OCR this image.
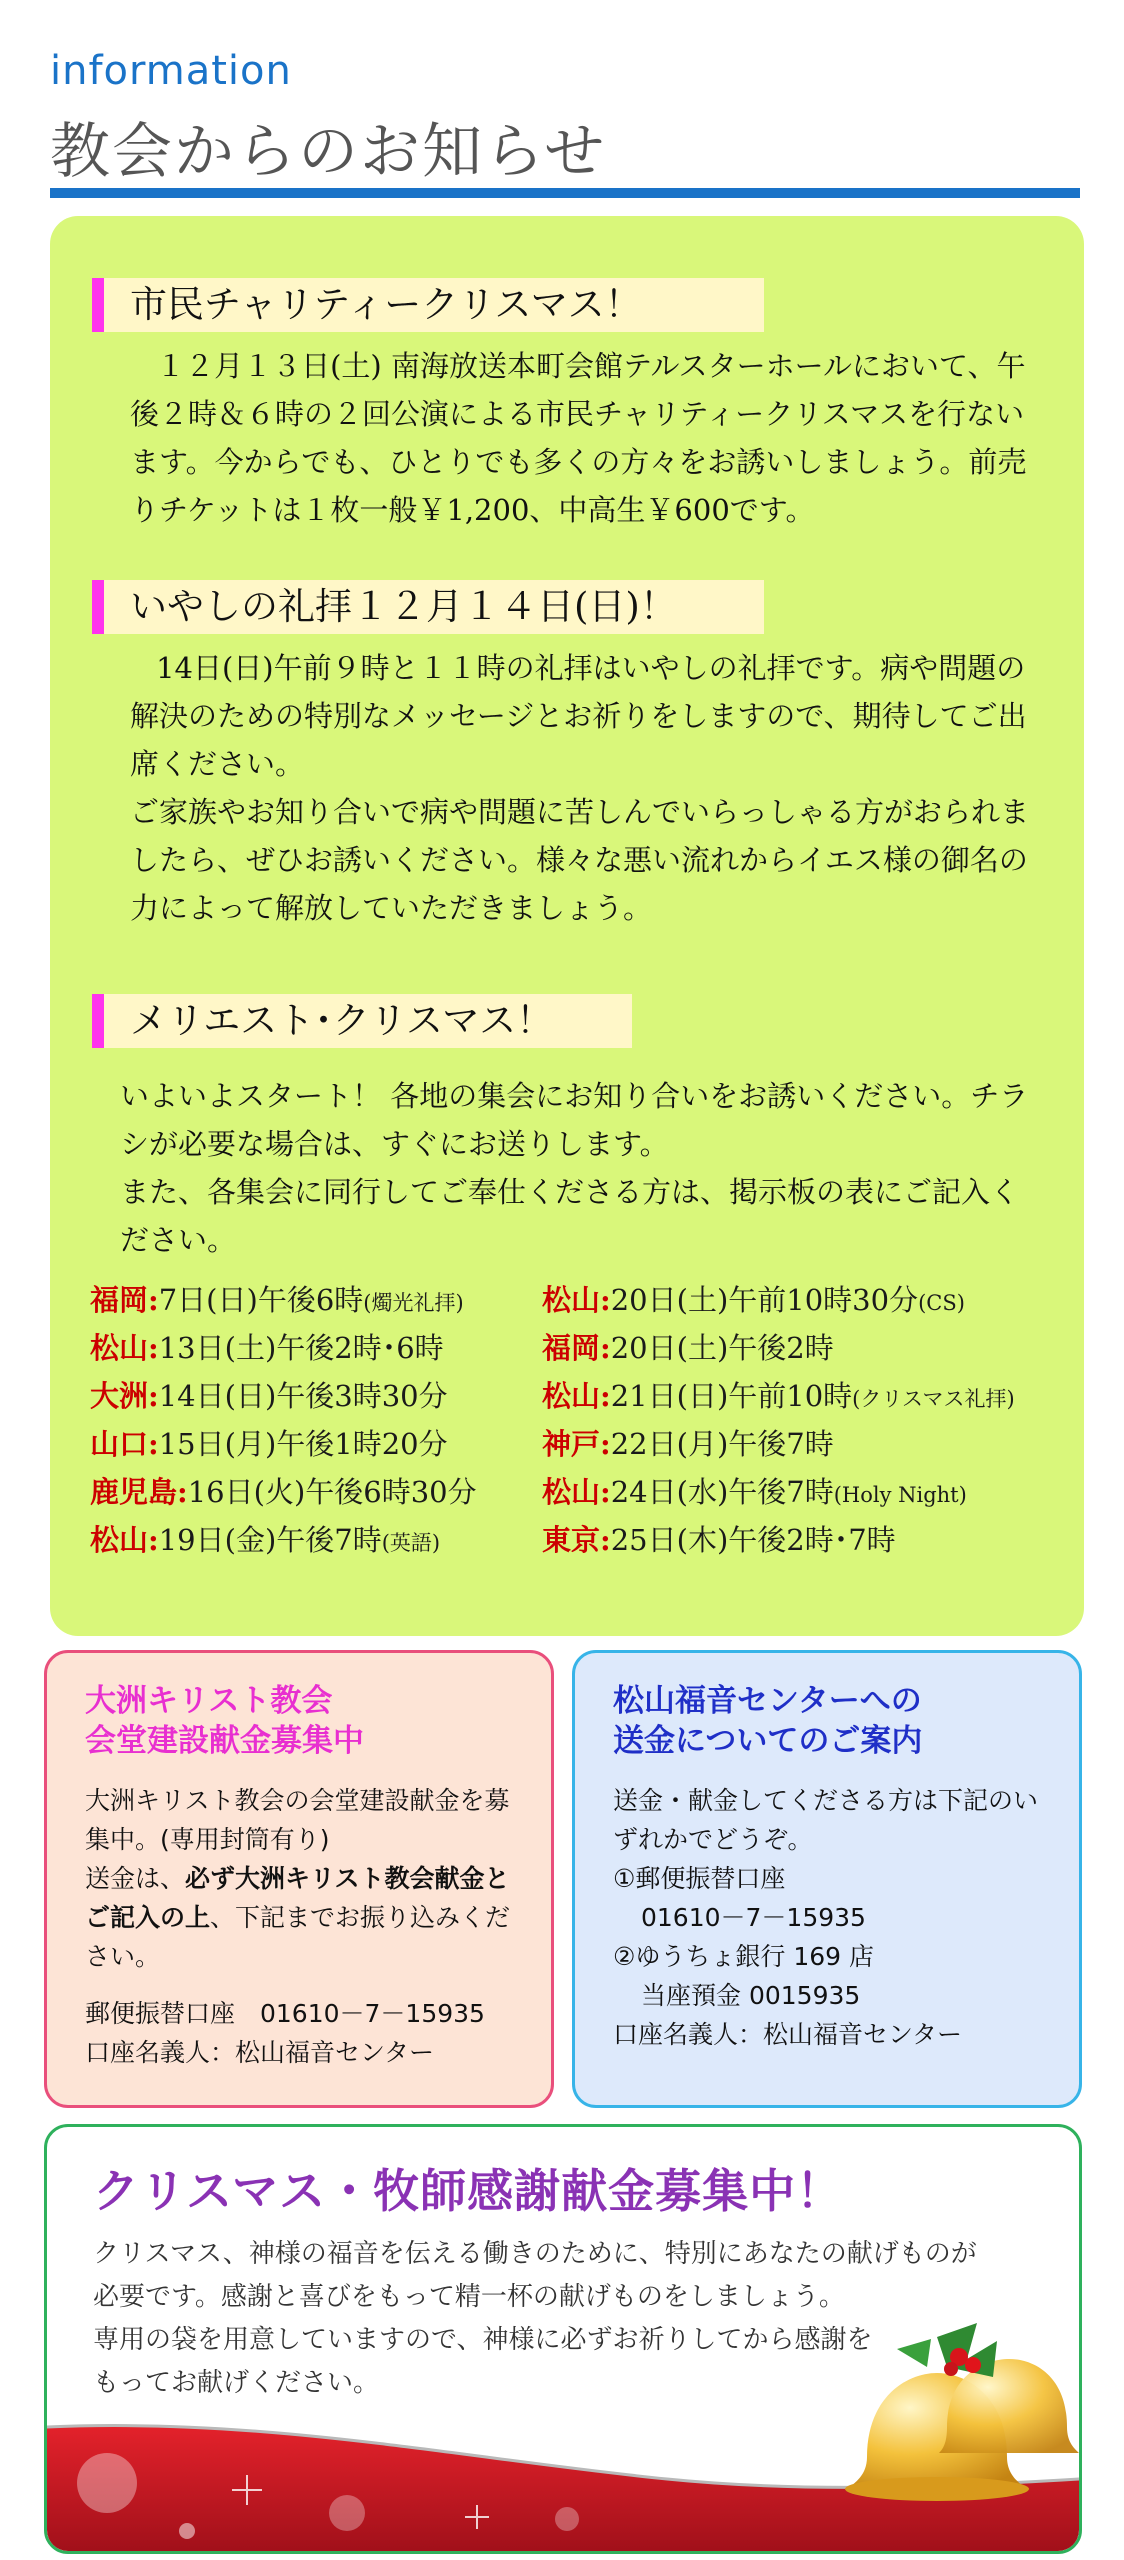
information
教会からのお知らせ
市民チャリティークリスマス！

１２月１３日(土) 南海放送本町会館テルスターホールにおいて、午後２時＆６時の２回公演による市民チャリティークリスマスを行ないます。今からでも、ひとりでも多くの方々をお誘いしましょう。前売りチケットは１枚一般￥1,200、中高生￥600です。

いやしの礼拝１２月１４日(日)！

14日(日)午前９時と１１時の礼拝はいやしの礼拝です。病や問題の解決のための特別なメッセージとお祈りをしますので、期待してご出席ください。

ご家族やお知り合いで病や問題に苦しんでいらっしゃる方がおられましたら、ぜひお誘いください。様々な悪い流れからイエス様の御名の力によって解放していただきましょう。

メリエスト･クリスマス！

いよいよスタート！ 各地の集会にお知り合いをお誘いください。チラシが必要な場合は、すぐにお送りします。

また、各集会に同行してご奉仕くださる方は、掲示板の表にご記入ください。

福岡:7日(日)午後6時(燭光礼拝)	松山:20日(土)午前10時30分(CS)
松山:13日(土)午後2時･6時	福岡:20日(土)午後2時
大洲:14日(日)午後3時30分	松山:21日(日)午前10時(クリスマス礼拝)
山口:15日(月)午後1時20分	神戸:22日(月)午後7時
鹿児島:16日(火)午後6時30分	松山:24日(水)午後7時(Holy Night)
松山:19日(金)午後7時(英語)	東京:25日(木)午後2時･7時
大洲キリスト教会
会堂建設献金募集中
大洲キリスト教会の会堂建設献金を募集中。(専用封筒有り)
送金は、必ず大洲キリスト教会献金とご記入の上、下記までお振り込みください。
郵便振替口座　01610－7－15935
口座名義人：松山福音センター
松山福音センターへの
送金についてのご案内
送金・献金してくださる方は下記のいずれかでどうぞ。
①郵便振替口座
01610－7－15935
②ゆうちょ銀行 169 店
当座預金 0015935
口座名義人：松山福音センター
クリスマス・牧師感謝献金募集中！
クリスマス、神様の福音を伝える働きのために、特別にあなたの献げものが
必要です。感謝と喜びをもって精一杯の献げものをしましょう。
専用の袋を用意していますので、神様に必ずお祈りしてから感謝を
もってお献げください。
